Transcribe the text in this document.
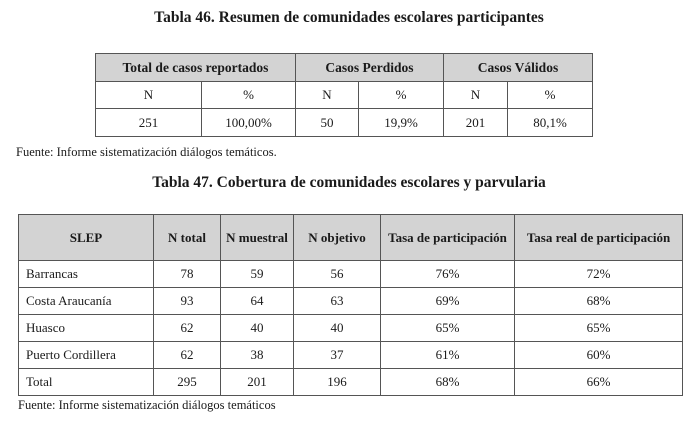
Tabla 46. Resumen de comunidades escolares participantes
Total de casos reportados		Casos Perdidos		Casos Válidos	
N	%	N	%	N	%
251	100,00%	50	19,9%	201	80,1%
Fuente: Informe sistematización diálogos temáticos.
Tabla 47. Cobertura de comunidades escolares y parvularia
SLEP	N total	N muestral	N objetivo	Tasa de participación	Tasa real de participación
Barrancas	78	59	56	76%	72%
Costa Araucanía	93	64	63	69%	68%
Huasco	62	40	40	65%	65%
Puerto Cordillera	62	38	37	61%	60%
Total	295	201	196	68%	66%
Fuente: Informe sistematización diálogos temáticos
